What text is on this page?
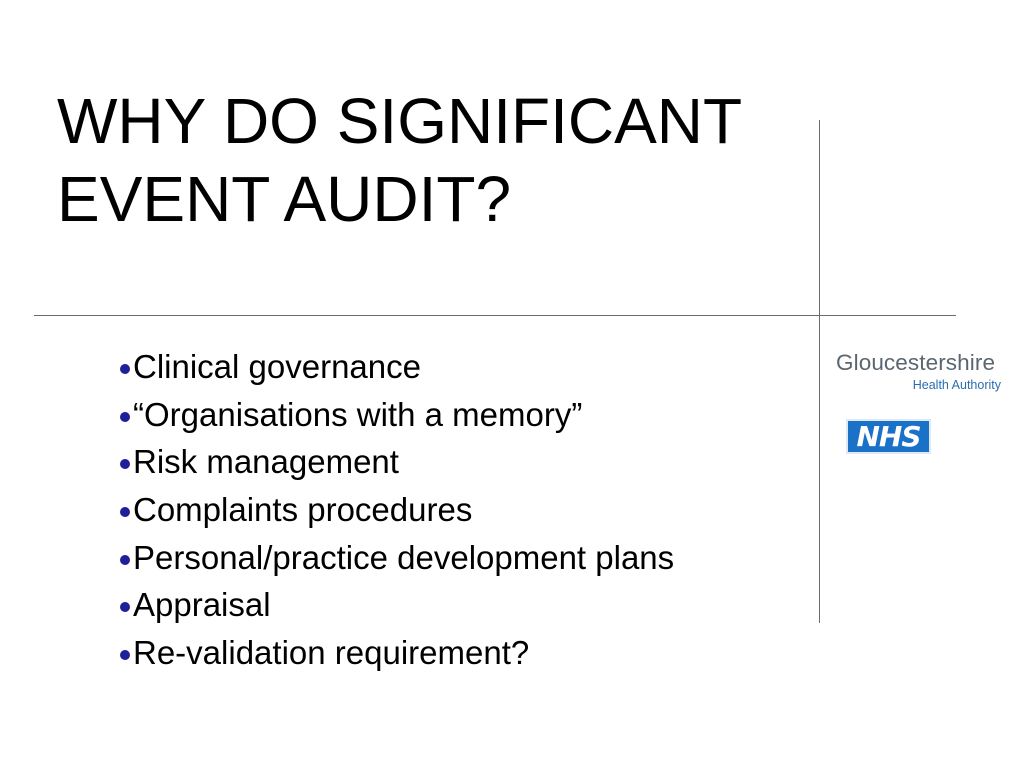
WHY DO SIGNIFICANT
EVENT AUDIT?
Clinical governance
“Organisations with a memory”
Risk management
Complaints procedures
Personal/practice development plans
Appraisal
Re-validation requirement?
Gloucestershire
Health Authority
NHS
